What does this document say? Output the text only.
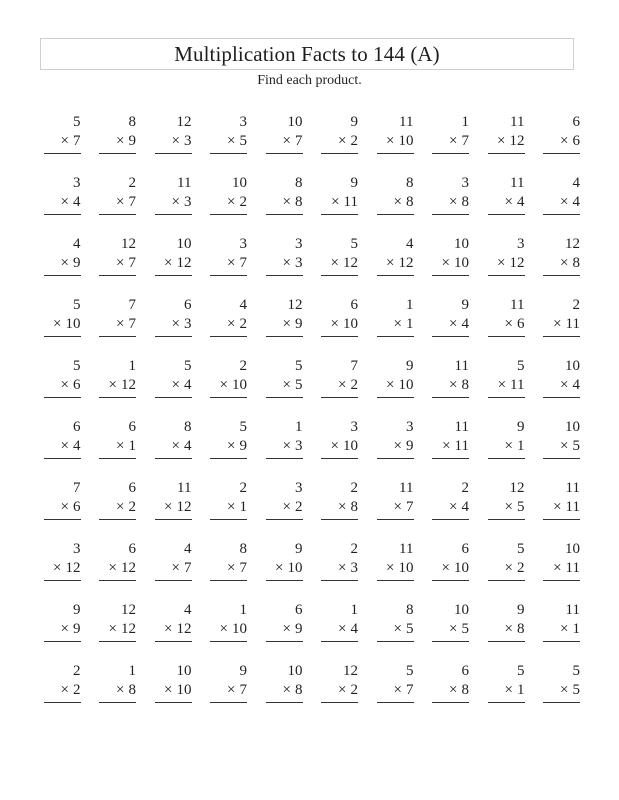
Multiplication Facts to 144 (A)
Find each product.
5
× 7
8
× 9
12
× 3
3
× 5
10
× 7
9
× 2
11
× 10
1
× 7
11
× 12
6
× 6
3
× 4
2
× 7
11
× 3
10
× 2
8
× 8
9
× 11
8
× 8
3
× 8
11
× 4
4
× 4
4
× 9
12
× 7
10
× 12
3
× 7
3
× 3
5
× 12
4
× 12
10
× 10
3
× 12
12
× 8
5
× 10
7
× 7
6
× 3
4
× 2
12
× 9
6
× 10
1
× 1
9
× 4
11
× 6
2
× 11
5
× 6
1
× 12
5
× 4
2
× 10
5
× 5
7
× 2
9
× 10
11
× 8
5
× 11
10
× 4
6
× 4
6
× 1
8
× 4
5
× 9
1
× 3
3
× 10
3
× 9
11
× 11
9
× 1
10
× 5
7
× 6
6
× 2
11
× 12
2
× 1
3
× 2
2
× 8
11
× 7
2
× 4
12
× 5
11
× 11
3
× 12
6
× 12
4
× 7
8
× 7
9
× 10
2
× 3
11
× 10
6
× 10
5
× 2
10
× 11
9
× 9
12
× 12
4
× 12
1
× 10
6
× 9
1
× 4
8
× 5
10
× 5
9
× 8
11
× 1
2
× 2
1
× 8
10
× 10
9
× 7
10
× 8
12
× 2
5
× 7
6
× 8
5
× 1
5
× 5
